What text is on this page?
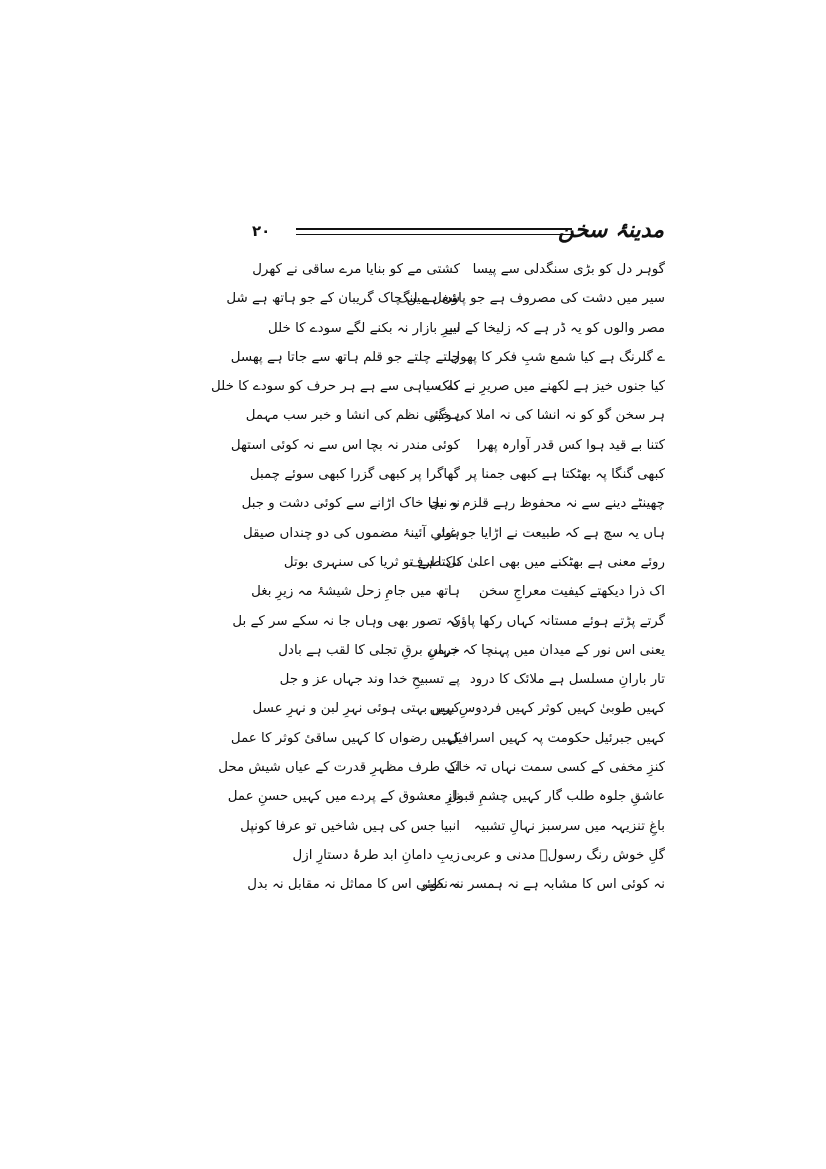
۲۰	مدینۂ سخن
گوہر دل کو بڑی سنگدلی سے پیسا
سیر میں دشت کی مصروف ہے جو پاؤں ہے لنگ
مصر والوں کو یہ ڈر ہے کہ زلیخا کے لیے
ے گلرنگ ہے کیا شمع شبِ فکر کا پھول
کیا جنوں خیز ہے لکھنے میں صریرِ نے کلک
ہر سخن گو کو نہ انشا کی نہ املا کی خبر
کتنا بے قید ہوا کس قدر آوارہ پھرا
کبھی گنگا پہ بھٹکتا ہے کبھی جمنا پر
چھینٹے دینے سے نہ محفوظ رہے قلزم و نیل
ہاں یہ سچ ہے کہ طبیعت نے اڑایا جو غبار
روئے معنی ہے بھٹکنے میں بھی اعلیٰ کی طرف
اک ذرا دیکھتے کیفیت معراجِ سخن
گرتے پڑتے ہوئے مستانہ کہاں رکھا پاؤں
یعنی اس نور کے میدان میں پہنچا کہ جہاں
تار بارانِ مسلسل ہے ملائک کا درود
کہیں طوبیٰ کہیں کوثر کہیں فردوسِ بریں
کہیں جبرئیل حکومت پہ کہیں اسرافیل
کنزِ مخفی کے کسی سمت نہاں تہ خانے
عاشقِ جلوہ طلب گار کہیں چشمِ قبول
باغِ تنزیہہ میں سرسبز نہالِ تشبیہ
گلِ خوش رنگ رسولؐ مدنی و عربی
نہ کوئی اس کا مشابہ ہے نہ ہمسر نہ نظیر
کشتی مے کو بنایا مرے ساقی نے کھرل
شغل میں چاک گریبان کے جو ہاتھ ہے شل
سرِ بازار نہ بکنے لگے سودے کا خلل
چلتے چلتے جو قلم ہاتھ سے جاتا ہے پھسل
کہ سیاہی سے ہے ہر حرف کو سودے کا خلل
ہوگئی نظم کی انشا و خبر سب مہمل
کوئی مندر نہ بچا اس سے نہ کوئی استھل
گھاگرا پر کبھی گزرا کبھی سوئے چمبل
نہ بچا خاک اڑانے سے کوئی دشت و جبل
ہوئی آئینۂ مضموں کی دو چنداں صیقل
تاکتا ہے تو ثریا کی سنہری بوتل
ہاتھ میں جامِ زحل شیشۂ مہ زیرِ بغل
کہ تصور بھی وہاں جا نہ سکے سر کے بل
خرمنِ برقِ تجلی کا لقب ہے بادل
پے تسبیحِ خدا وند جہاں عز و جل
کہیں بہتی ہوئی نہرِ لبن و نہرِ عسل
کہیں رضواں کا کہیں ساقیٔ کوثر کا عمل
اک طرف مظہرِ قدرت کے عیاں شیش محل
نازِ معشوق کے پردے میں کہیں حسنِ عمل
انبیا جس کی ہیں شاخیں تو عرفا کونپل
زیبِ دامانِ ابد طرۂ دستارِ ازل
نہ کوئی اس کا مماثل نہ مقابل نہ بدل
